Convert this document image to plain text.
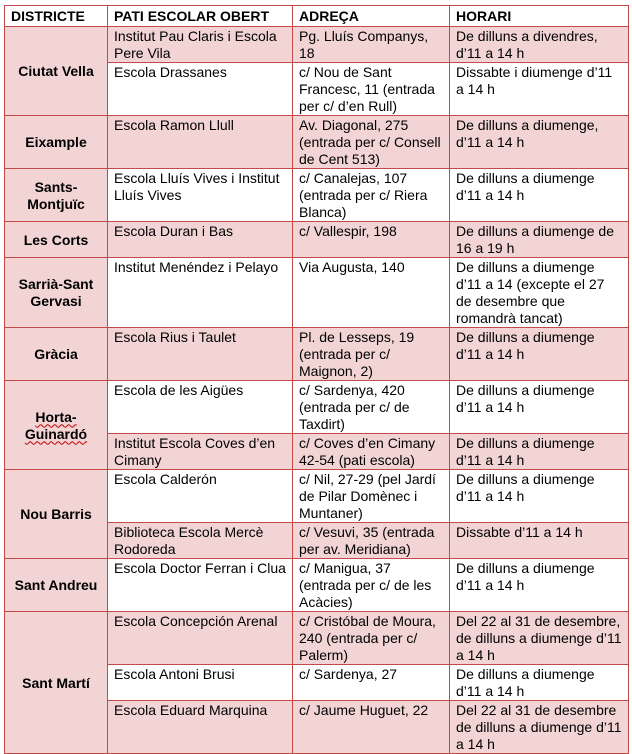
DISTRICTE	PATI ESCOLAR OBERT	ADREÇA	HORARI
Ciutat Vella	Institut Pau Claris i Escola Pere Vila	Pg. Lluís Companys, 18	De dilluns a divendres, d’11 a 14 h
	Escola Drassanes	c/ Nou de Sant Francesc, 11 (entrada per c/ d’en Rull)	Dissabte i diumenge d’11 a 14 h
Eixample	Escola Ramon Llull	Av. Diagonal, 275 (entrada per c/ Consell de Cent 513)	De dilluns a diumenge, d’11 a 14 h
Sants-Montjuïc	Escola Lluís Vives i Institut Lluís Vives	c/ Canalejas, 107 (entrada per c/ Riera Blanca)	De dilluns a diumenge d’11 a 14 h
Les Corts	Escola Duran i Bas	c/ Vallespir, 198	De dilluns a diumenge de 16 a 19 h
Sarrià-Sant Gervasi	Institut Menéndez i Pelayo	Via Augusta, 140	De dilluns a diumenge d’11 a 14 (excepte el 27 de desembre que romandrà tancat)
Gràcia	Escola Rius i Taulet	Pl. de Lesseps, 19 (entrada per c/ Maignon, 2)	De dilluns a diumenge d’11 a 14 h
Horta-Guinardó	Escola de les Aigües	c/ Sardenya, 420 (entrada per c/ de Taxdirt)	De dilluns a diumenge d’11 a 14 h
	Institut Escola Coves d’en Cimany	c/ Coves d’en Cimany 42-54 (pati escola)	De dilluns a diumenge d’11 a 14 h
Nou Barris	Escola Calderón	c/ Nil, 27-29 (pel Jardí de Pilar Domènec i Muntaner)	De dilluns a diumenge d’11 a 14 h
	Biblioteca Escola Mercè Rodoreda	c/ Vesuvi, 35 (entrada per av. Meridiana)	Dissabte d’11 a 14 h
Sant Andreu	Escola Doctor Ferran i Clua	c/ Manigua, 37 (entrada per c/ de les Acàcies)	De dilluns a diumenge d’11 a 14 h
Sant Martí	Escola Concepción Arenal	c/ Cristóbal de Moura, 240 (entrada per c/ Palerm)	Del 22 al 31 de desembre, de dilluns a diumenge d’11 a 14 h
	Escola Antoni Brusi	c/ Sardenya, 27	De dilluns a diumenge d’11 a 14 h
	Escola Eduard Marquina	c/ Jaume Huguet, 22	Del 22 al 31 de desembre de dilluns a diumenge d’11 a 14 h
